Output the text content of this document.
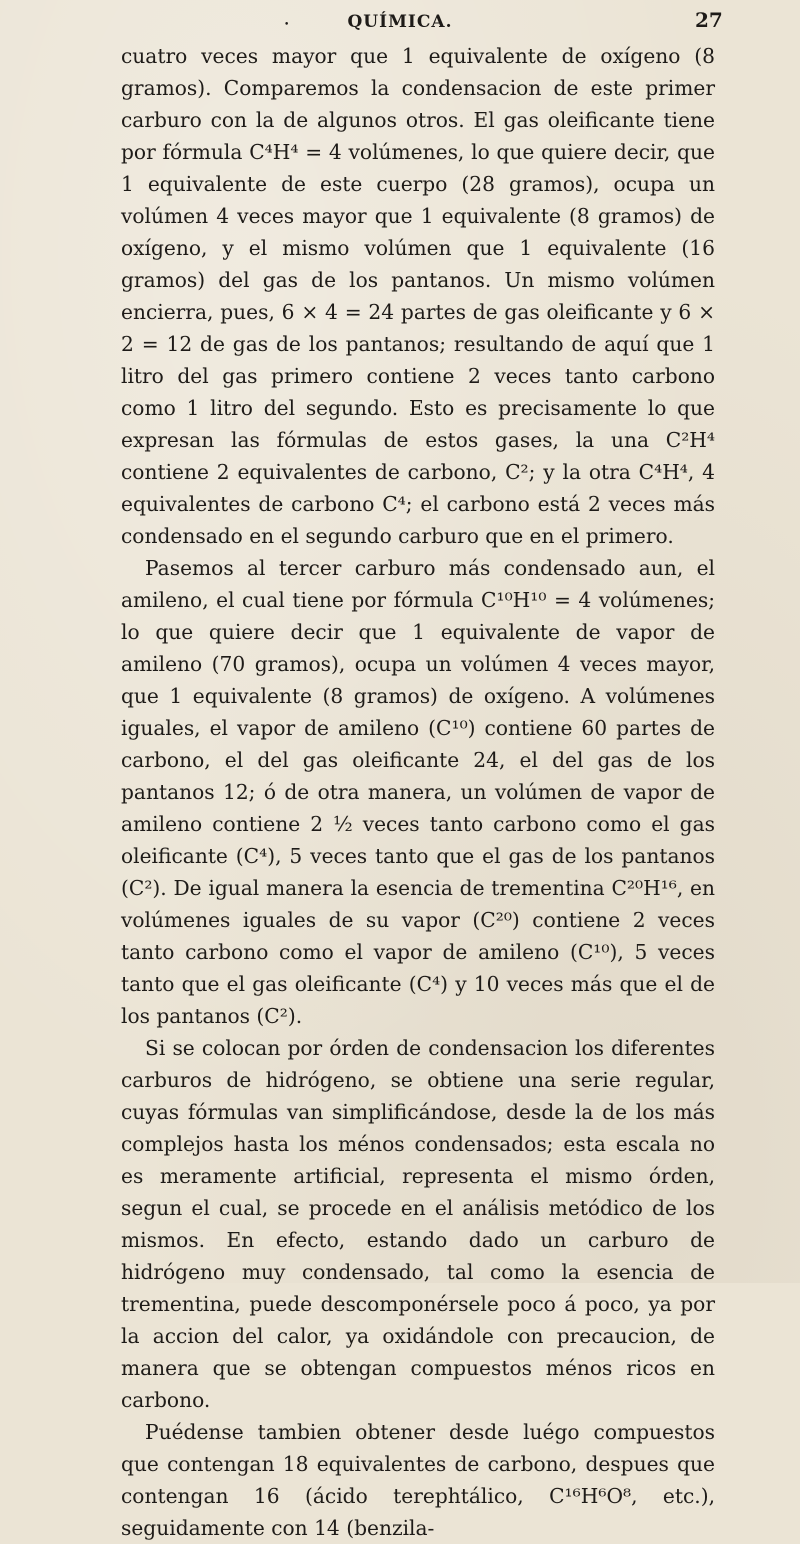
•	QUÍMICA.	27

cuatro veces mayor que 1 equivalente de oxígeno (8 gramos). Comparemos la condensacion de este primer carburo con la de algunos otros. El gas oleificante tiene por fórmula C⁴H⁴ = 4 volúmenes, lo que quiere decir, que 1 equivalente de este cuerpo (28 gramos), ocupa un volúmen 4 veces mayor que 1 equivalente (8 gramos) de oxígeno, y el mismo volúmen que 1 equivalente (16 gramos) del gas de los pantanos. Un mismo volúmen encierra, pues, 6 × 4 = 24 partes de gas oleificante y 6 × 2 = 12 de gas de los pantanos; resultando de aquí que 1 litro del gas primero contiene 2 veces tanto carbono como 1 litro del segundo. Esto es precisamente lo que expresan las fórmulas de estos gases, la una C²H⁴ contiene 2 equivalentes de carbono, C²; y la otra C⁴H⁴, 4 equivalentes de carbono C⁴; el carbono está 2 veces más condensado en el segundo carburo que en el primero.

Pasemos al tercer carburo más condensado aun, el amileno, el cual tiene por fórmula C¹⁰H¹⁰ = 4 volúmenes; lo que quiere decir que 1 equivalente de vapor de amileno (70 gramos), ocupa un volúmen 4 veces mayor, que 1 equivalente (8 gramos) de oxígeno. A volúmenes iguales, el vapor de amileno (C¹⁰) contiene 60 partes de carbono, el del gas oleificante 24, el del gas de los pantanos 12; ó de otra manera, un volúmen de vapor de amileno contiene 2 ½ veces tanto carbono como el gas oleificante (C⁴), 5 veces tanto que el gas de los pantanos (C²). De igual manera la esencia de trementina C²⁰H¹⁶, en volúmenes iguales de su vapor (C²⁰) contiene 2 veces tanto carbono como el vapor de amileno (C¹⁰), 5 veces tanto que el gas oleificante (C⁴) y 10 veces más que el de los pantanos (C²).

Si se colocan por órden de condensacion los diferentes carburos de hidrógeno, se obtiene una serie regular, cuyas fórmulas van simplificándose, desde la de los más complejos hasta los ménos condensados; esta escala no es meramente artificial, representa el mismo órden, segun el cual, se procede en el análisis metódico de los mismos. En efecto, estando dado un carburo de hidrógeno muy condensado, tal como la esencia de trementina, puede descomponérsele poco á poco, ya por la accion del calor, ya oxidándole con precaucion, de manera que se obtengan compuestos ménos ricos en carbono.

Puédense tambien obtener desde luégo compuestos que contengan 18 equivalentes de carbono, despues que contengan 16 (ácido terephtálico, C¹⁶H⁶O⁸, etc.), seguidamente con 14 (benzila-
